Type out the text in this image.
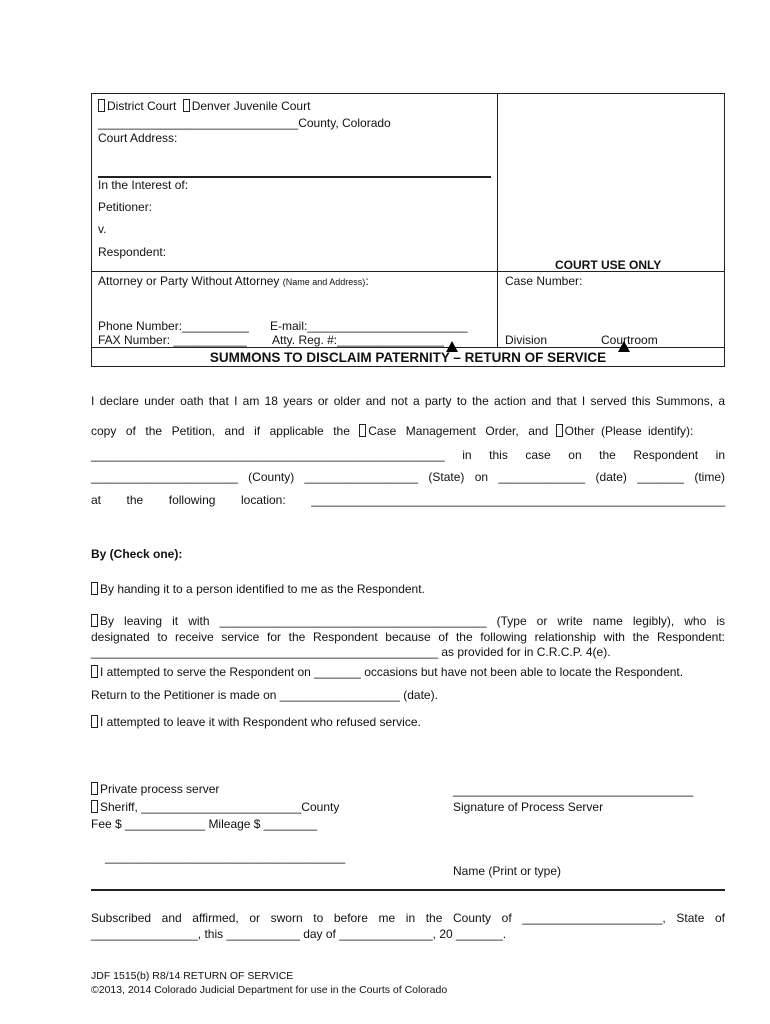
District Court Denver Juvenile Court
______________________________County, Colorado
Court Address:
In the Interest of:
Petitioner:
v.
Respondent:
COURT USE ONLY
Attorney or Party Without Attorney (Name and Address):	Case Number:
Phone Number:__________ E-mail:________________________
FAX Number: ___________ Atty. Reg. #:________________	Division	Courtroom
SUMMONS TO DISCLAIM PATERNITY – RETURN OF SERVICE
I declare under oath that I am 18 years or older and not a party to the action and that I served this Summons, a
copy of the Petition, and if applicable the Case Management Order, and Other (Please identify):
_____________________________________________________ in this case on the Respondent in
______________________ (County) _________________ (State) on _____________ (date) _______ (time)
at the following location: ______________________________________________________________
By (Check one):
By handing it to a person identified to me as the Respondent.
By leaving it with ________________________________________ (Type or write name legibly), who is
designated to receive service for the Respondent because of the following relationship with the Respondent:
____________________________________________________ as provided for in C.R.C.P. 4(e).
I attempted to serve the Respondent on _______ occasions but have not been able to locate the Respondent.
Return to the Petitioner is made on __________________ (date).
I attempted to leave it with Respondent who refused service.
Private process server
Sheriff, ________________________County
Fee $ ____________ Mileage $ ________
____________________________________
____________________________________
Signature of Process Server
Name (Print or type)
Subscribed and affirmed, or sworn to before me in the County of _____________________, State of
________________, this ___________ day of ______________, 20 _______.
JDF 1515(b) R8/14 RETURN OF SERVICE
©2013, 2014 Colorado Judicial Department for use in the Courts of Colorado
